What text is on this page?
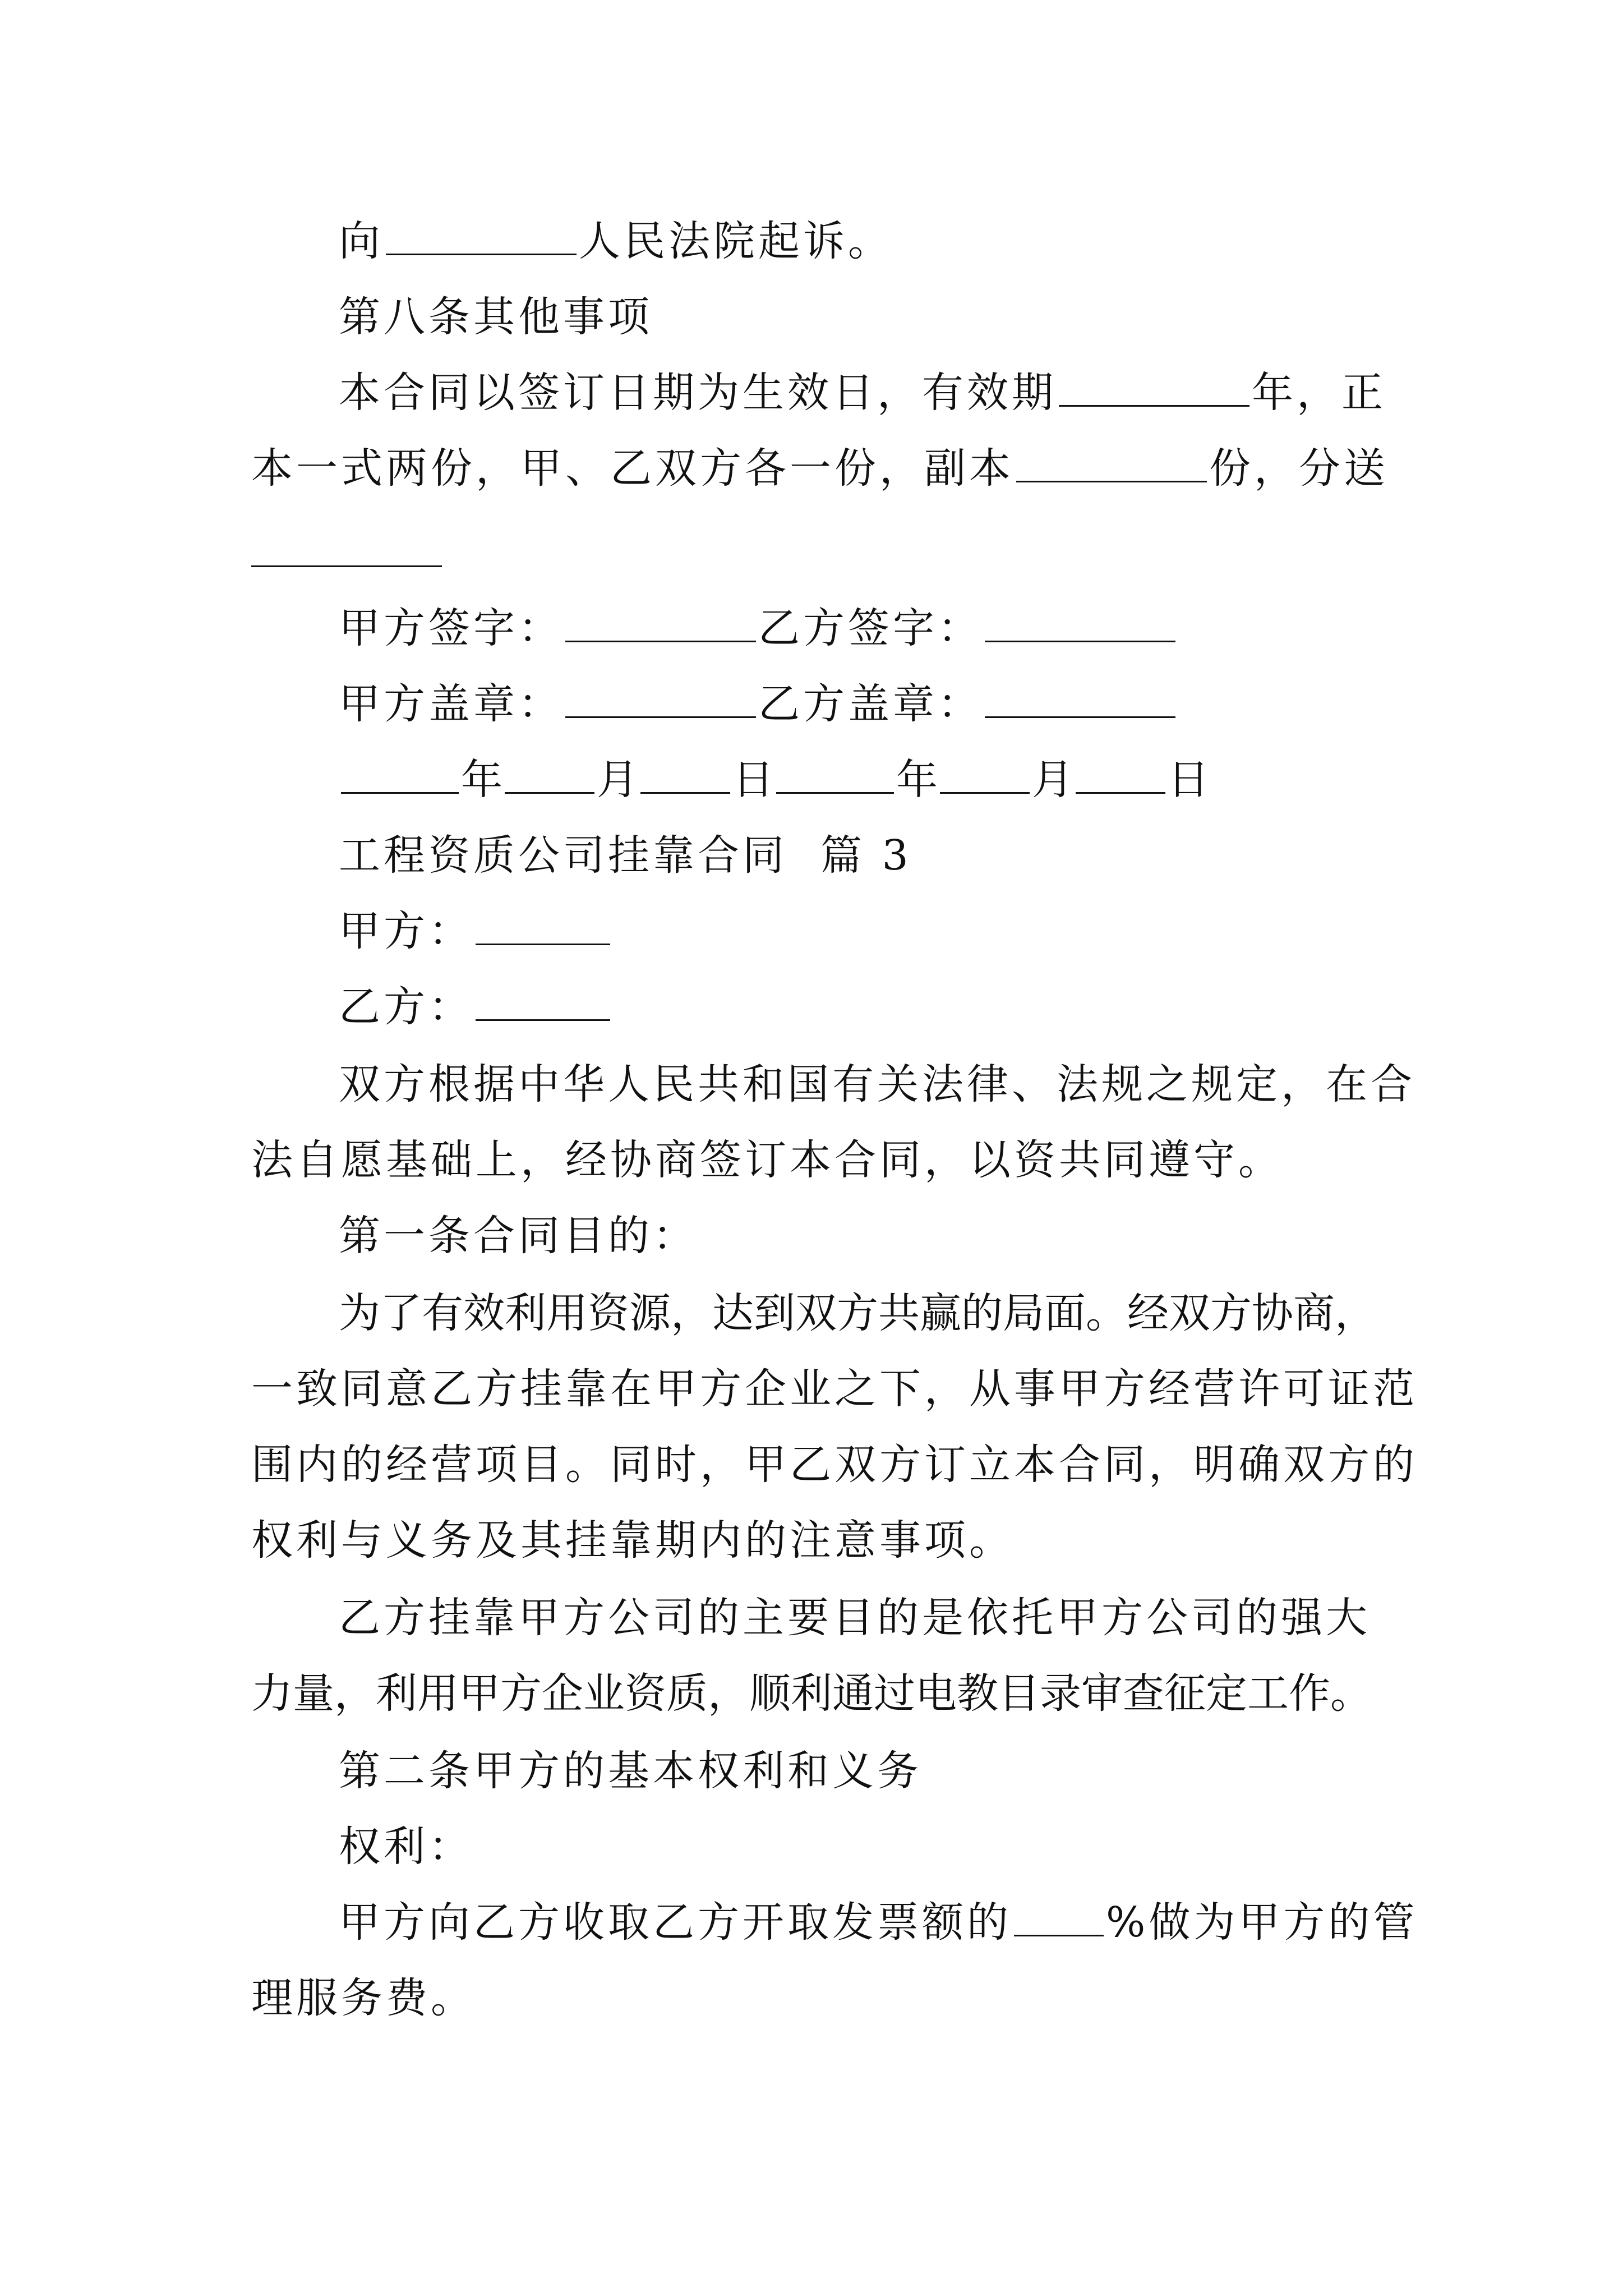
向	人民法院起诉。
第八条其他事项
本合同以签订日期为生效日，有效期	年，正
本一式两份，甲、乙双方各一份，副本	份，分送
甲方签字：	乙方签字：
甲方盖章：	乙方盖章：
年 月 日	年 月 日
工程资质公司挂靠合同  篇 3
甲方：
乙方：
双方根据中华人民共和国有关法律、法规之规定，在合
法自愿基础上，经协商签订本合同，以资共同遵守。
第一条合同目的：
为了有效利用资源，达到双方共赢的局面。经双方协商，
一致同意乙方挂靠在甲方企业之下，从事甲方经营许可证范
围内的经营项目。同时，甲乙双方订立本合同，明确双方的
权利与义务及其挂靠期内的注意事项。
乙方挂靠甲方公司的主要目的是依托甲方公司的强大
力量，利用甲方企业资质，顺利通过电教目录审查征定工作。
第二条甲方的基本权利和义务
权利：
甲方向乙方收取乙方开取发票额的 %做为甲方的管
理服务费。
